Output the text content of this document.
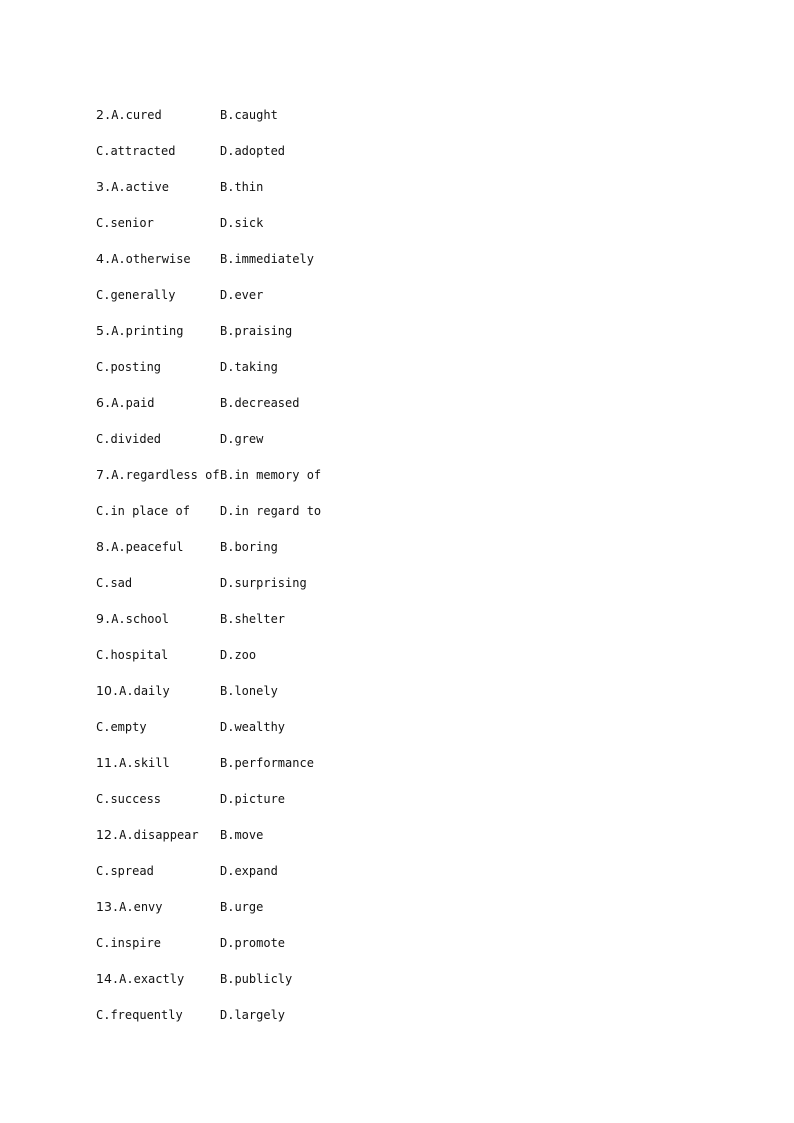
2.A.cured	B.caught
C.attracted	D.adopted
3.A.active	B.thin
C.senior	D.sick
4.A.otherwise B.immediately
C.generally	D.ever
5.A.printing	B.praising
C.posting	D.taking
6.A.paid	B.decreased
C.divided	D.grew
7.A.regardless of B.in memory of
C.in place of	D.in regard to
8.A.peaceful	B.boring
C.sad	D.surprising
9.A.school	B.shelter
C.hospital	D.zoo
10.A.daily	B.lonely
C.empty	D.wealthy
11.A.skill	B.performance
C.success	D.picture
12.A.disappear B.move
C.spread	D.expand
13.A.envy	B.urge
C.inspire	D.promote
14.A.exactly	B.publicly
C.frequently	D.largely
